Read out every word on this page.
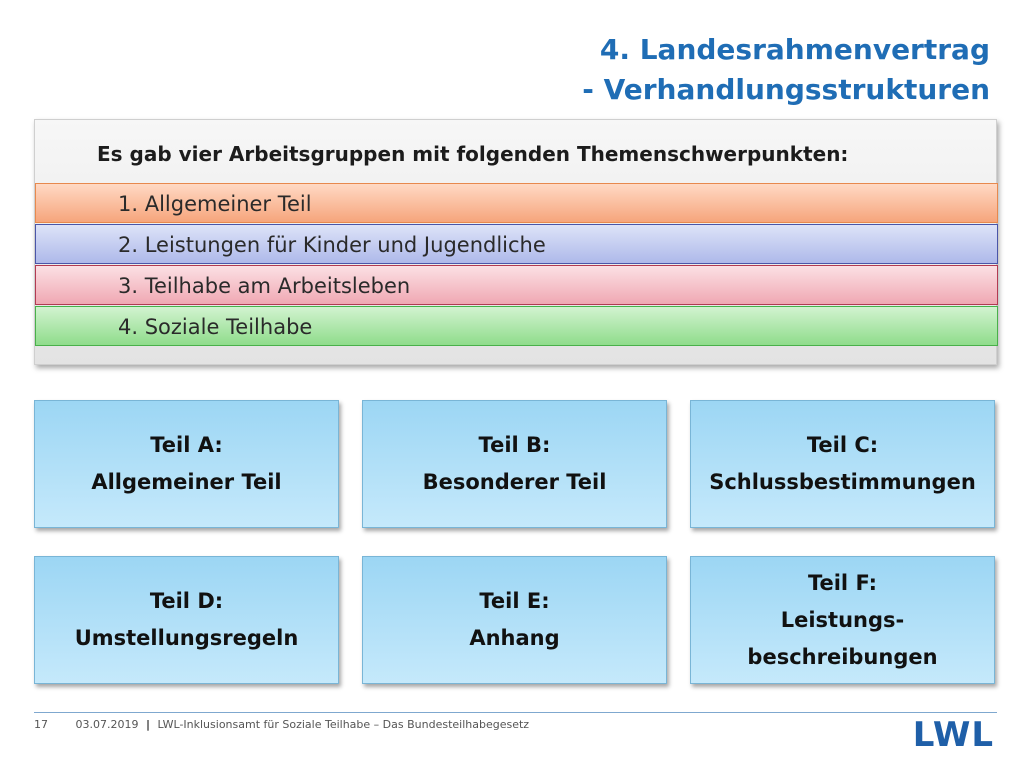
4. Landesrahmenvertrag
- Verhandlungsstrukturen
Es gab vier Arbeitsgruppen mit folgenden Themenschwerpunkten:
1. Allgemeiner Teil
2. Leistungen für Kinder und Jugendliche
3. Teilhabe am Arbeitsleben
4. Soziale Teilhabe
Teil A:
Allgemeiner Teil
Teil B:
Besonderer Teil
Teil C:
Schlussbestimmungen
Teil D:
Umstellungsregeln
Teil E:
Anhang
Teil F:
Leistungs-
beschreibungen
17	03.07.2019 | LWL-Inklusionsamt für Soziale Teilhabe – Das Bundesteilhabegesetz	LWL
